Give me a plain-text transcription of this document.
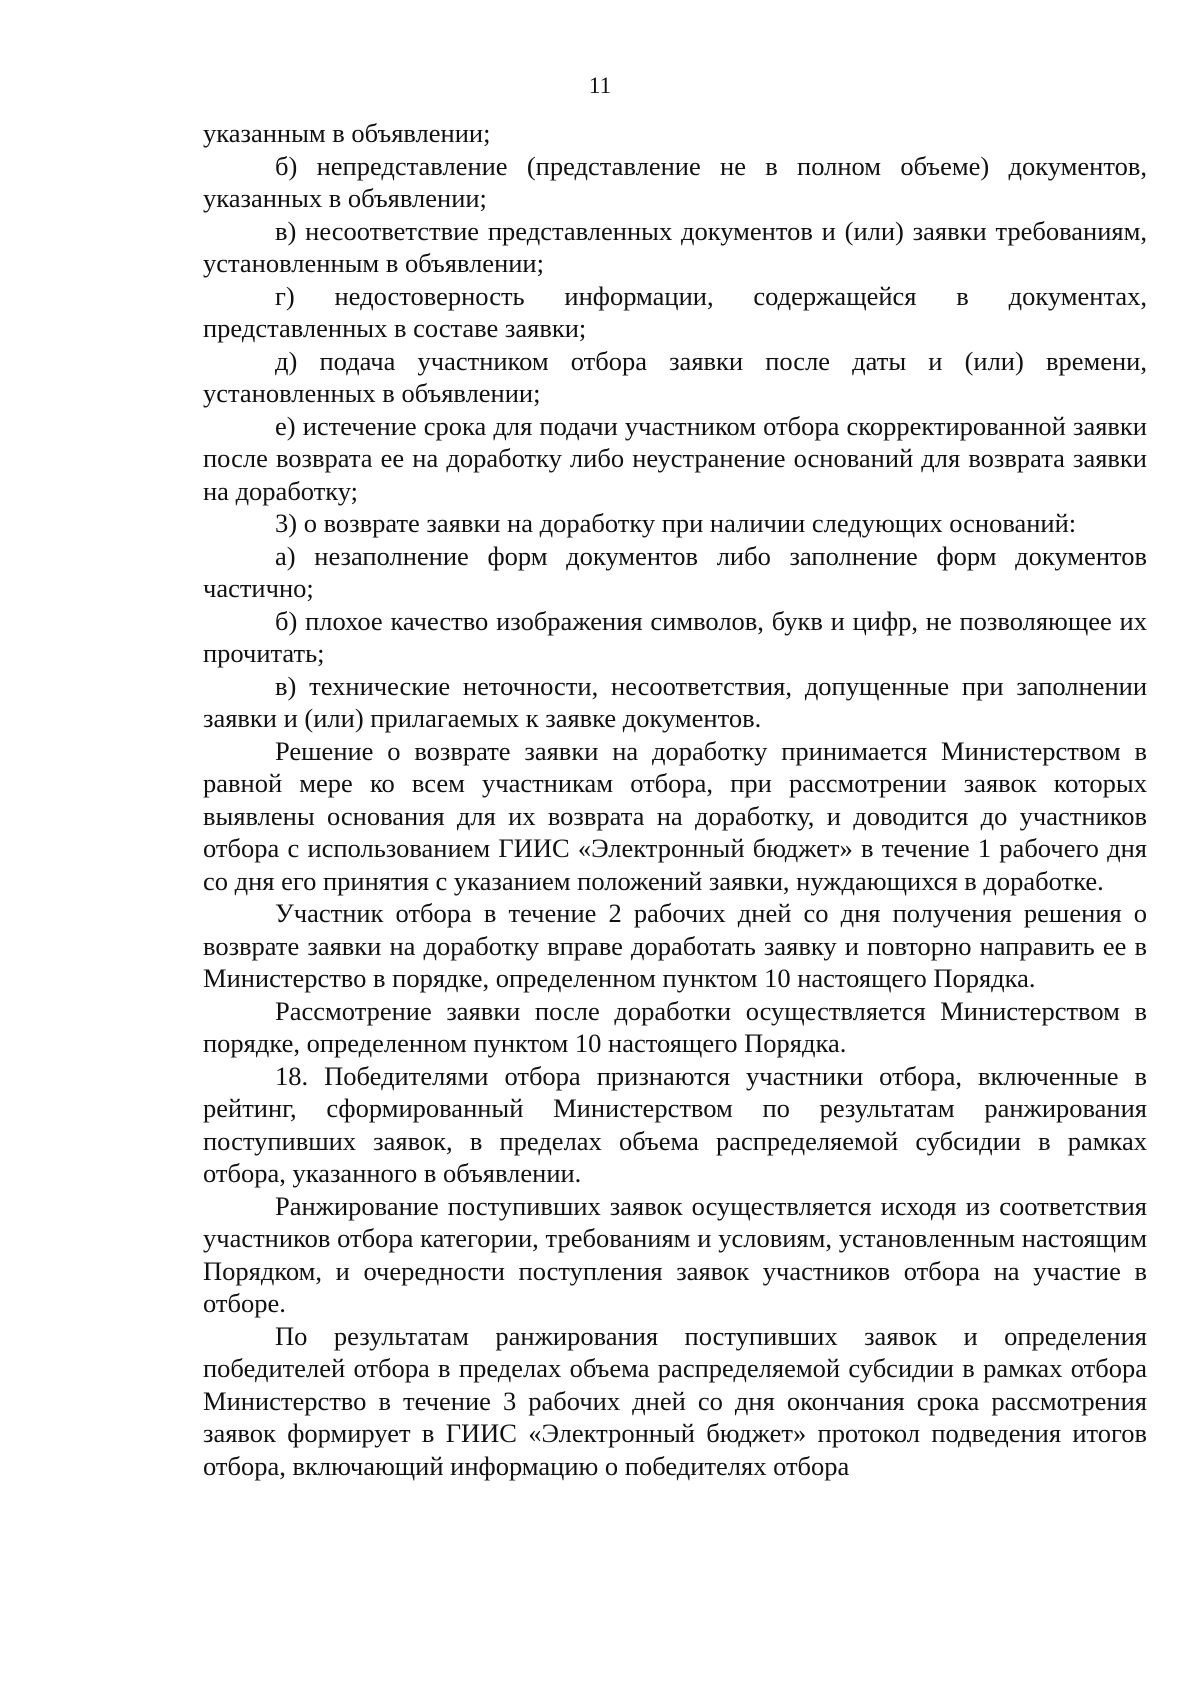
11

указанным в объявлении;

б) непредставление (представление не в полном объеме) документов, указанных в объявлении;

в) несоответствие представленных документов и (или) заявки требованиям, установленным в объявлении;

г) недостоверность информации, содержащейся в документах, представленных в составе заявки;

д) подача участником отбора заявки после даты и (или) времени, установленных в объявлении;

е) истечение срока для подачи участником отбора скорректированной заявки после возврата ее на доработку либо неустранение оснований для возврата заявки на доработку;

3) о возврате заявки на доработку при наличии следующих оснований:

а) незаполнение форм документов либо заполнение форм документов частично;

б) плохое качество изображения символов, букв и цифр, не позволяющее их прочитать;

в) технические неточности, несоответствия, допущенные при заполнении заявки и (или) прилагаемых к заявке документов.

Решение о возврате заявки на доработку принимается Министерством в равной мере ко всем участникам отбора, при рассмотрении заявок которых выявлены основания для их возврата на доработку, и доводится до участников отбора с использованием ГИИС «Электронный бюджет» в течение 1 рабочего дня со дня его принятия с указанием положений заявки, нуждающихся в доработке.

Участник отбора в течение 2 рабочих дней со дня получения решения о возврате заявки на доработку вправе доработать заявку и повторно направить ее в Министерство в порядке, определенном пунктом 10 настоящего Порядка.

Рассмотрение заявки после доработки осуществляется Министерством в порядке, определенном пунктом 10 настоящего Порядка.

18. Победителями отбора признаются участники отбора, включенные в рейтинг, сформированный Министерством по результатам ранжирования поступивших заявок, в пределах объема распределяемой субсидии в рамках отбора, указанного в объявлении.

Ранжирование поступивших заявок осуществляется исходя из соответствия участников отбора категории, требованиям и условиям, установленным настоящим Порядком, и очередности поступления заявок участников отбора на участие в отборе.

По результатам ранжирования поступивших заявок и определения победителей отбора в пределах объема распределяемой субсидии в рамках отбора Министерство в течение 3 рабочих дней со дня окончания срока рассмотрения заявок формирует в ГИИС «Электронный бюджет» протокол подведения итогов отбора, включающий информацию о победителях отбора
